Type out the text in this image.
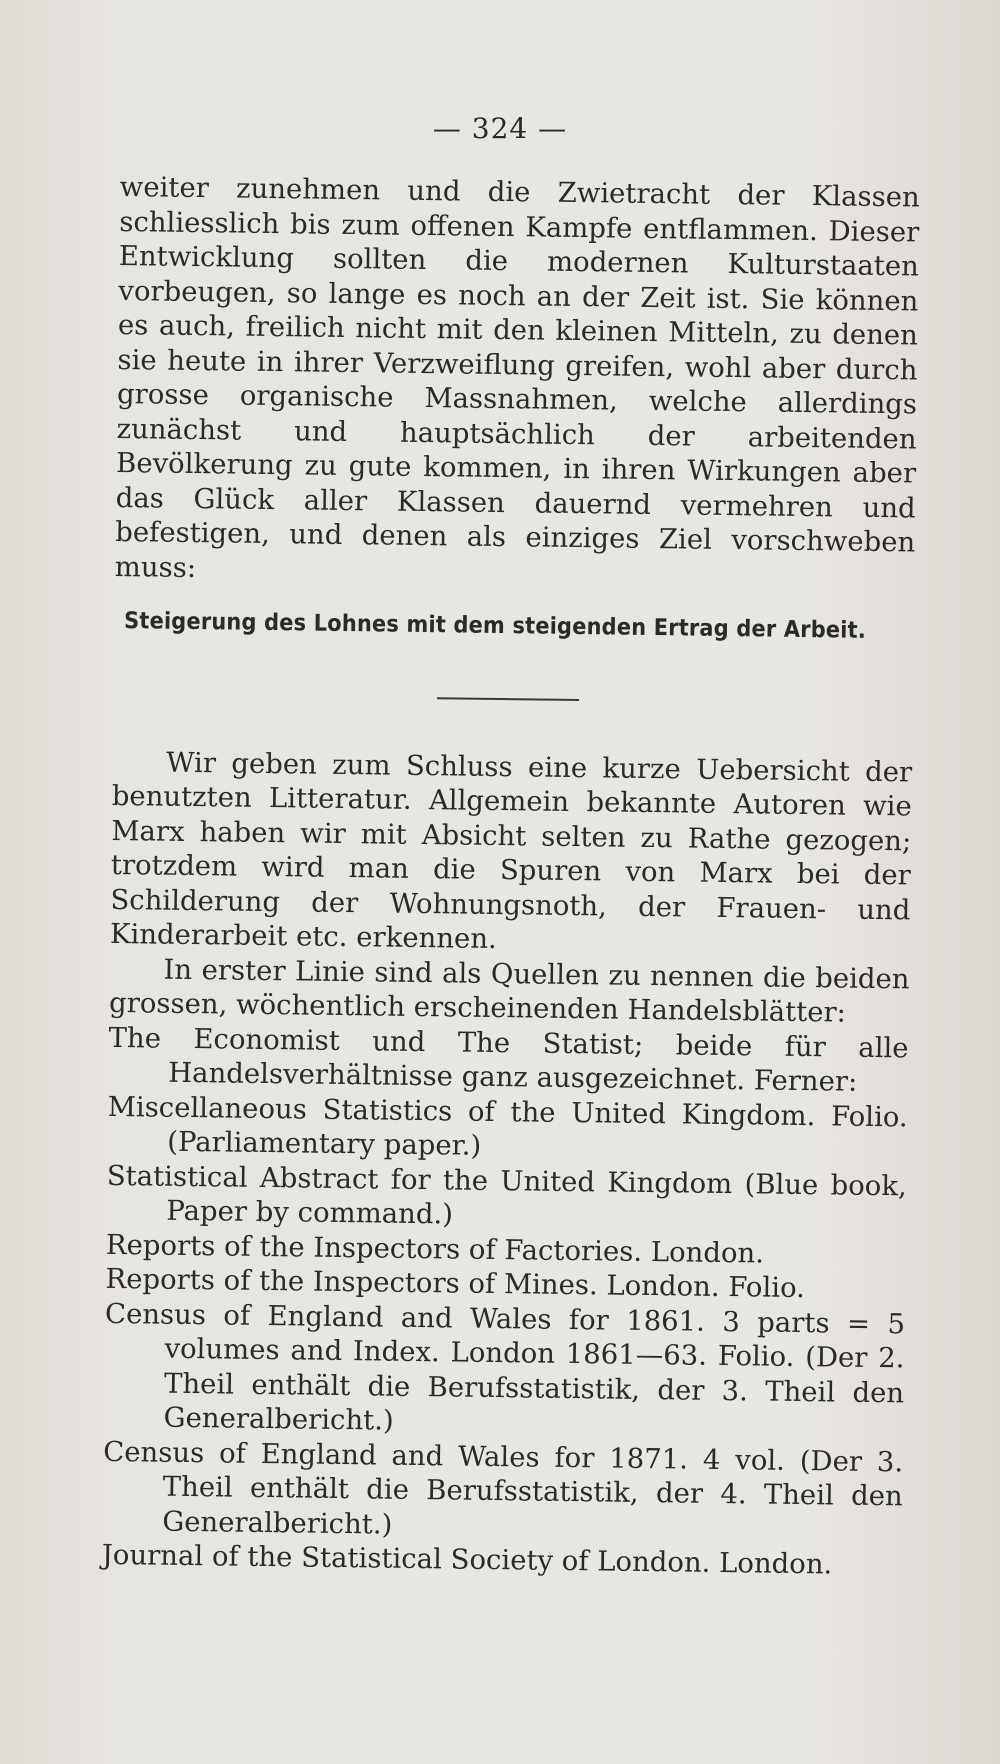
— 324 —

weiter zunehmen und die Zwietracht der Klassen schliesslich bis zum offenen Kampfe entflammen. Dieser Entwicklung sollten die modernen Kulturstaaten vorbeugen, so lange es noch an der Zeit ist. Sie können es auch, freilich nicht mit den kleinen Mitteln, zu denen sie heute in ihrer Verzweiflung greifen, wohl aber durch grosse organische Massnahmen, welche allerdings zunächst und hauptsächlich der arbeitenden Bevölkerung zu gute kommen, in ihren Wirkungen aber das Glück aller Klassen dauernd vermehren und befestigen, und denen als einziges Ziel vorschweben muss:

Steigerung des Lohnes mit dem steigenden Ertrag der Arbeit.

Wir geben zum Schluss eine kurze Uebersicht der benutzten Litteratur. Allgemein bekannte Autoren wie Marx haben wir mit Absicht selten zu Rathe gezogen; trotzdem wird man die Spuren von Marx bei der Schilderung der Wohnungsnoth, der Frauen- und Kinderarbeit etc. erkennen.

In erster Linie sind als Quellen zu nennen die beiden grossen, wöchentlich erscheinenden Handelsblätter:

The Economist und The Statist; beide für alle Handelsverhältnisse ganz ausgezeichnet. Ferner:
Miscellaneous Statistics of the United Kingdom. Folio. (Parliamentary paper.)
Statistical Abstract for the United Kingdom (Blue book, Paper by command.)
Reports of the Inspectors of Factories. London.
Reports of the Inspectors of Mines. London. Folio.
Census of England and Wales for 1861. 3 parts = 5 volumes and Index. London 1861—63. Folio. (Der 2. Theil enthält die Berufsstatistik, der 3. Theil den Generalbericht.)
Census of England and Wales for 1871. 4 vol. (Der 3. Theil enthält die Berufsstatistik, der 4. Theil den Generalbericht.)
Journal of the Statistical Society of London. London.
